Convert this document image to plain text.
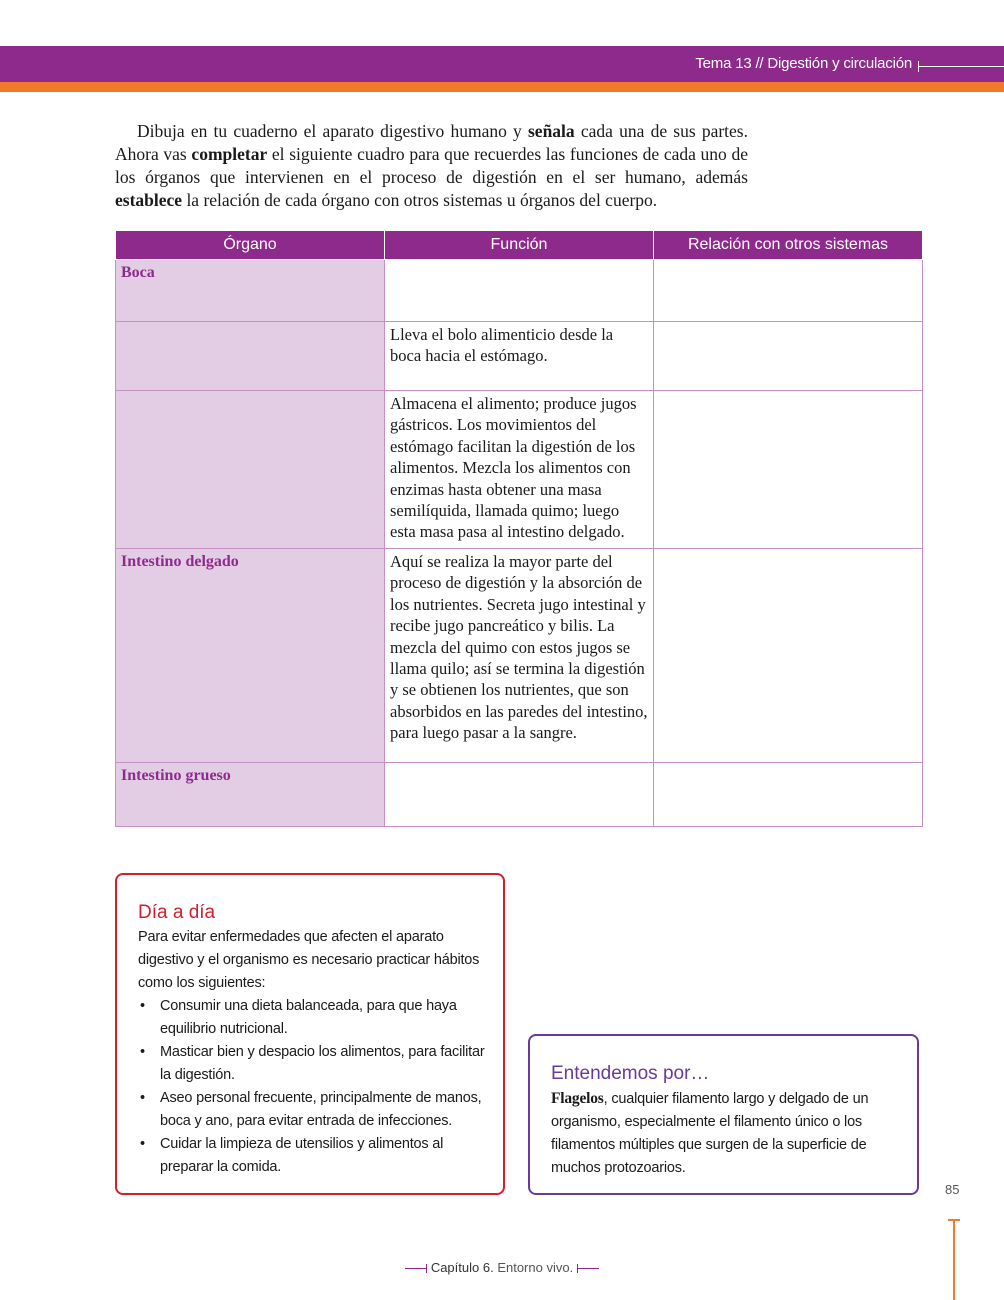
Tema 13 // Digestión y circulación

Dibuja en tu cuaderno el aparato digestivo humano y señala cada una de sus partes. Ahora vas completar el siguiente cuadro para que recuerdes las funciones de cada uno de los órganos que intervienen en el proceso de digestión en el ser humano, además establece la relación de cada órgano con otros sistemas u órganos del cuerpo.

Órgano	Función	Relación con otros sistemas
Boca		
	Lleva el bolo alimenticio desde la boca hacia el estómago.	
	Almacena el alimento; produce jugos gástricos. Los movimientos del estómago facilitan la digestión de los alimentos. Mezcla los alimentos con enzimas hasta obtener una masa semilíquida, llamada quimo; luego esta masa pasa al intestino delgado.	
Intestino delgado	Aquí se realiza la mayor parte del proceso de digestión y la absorción de los nutrientes. Secreta jugo intestinal y recibe jugo pancreático y bilis. La mezcla del quimo con estos jugos se llama quilo; así se termina la digestión y se obtienen los nutrientes, que son absorbidos en las paredes del intestino, para luego pasar a la sangre.	
Intestino grueso		
Día a día
Para evitar enfermedades que afecten el aparato digestivo y el organismo es necesario practicar hábitos como los siguientes:
• Consumir una dieta balanceada, para que haya equilibrio nutricional.
• Masticar bien y despacio los alimentos, para facilitar la digestión.
• Aseo personal frecuente, principalmente de manos, boca y ano, para evitar entrada de infecciones.
• Cuidar la limpieza de utensilios y alimentos al preparar la comida.
Entendemos por…
Flagelos, cualquier filamento largo y delgado de un organismo, especialmente el filamento único o los filamentos múltiples que surgen de la superficie de muchos protozoarios.
85
Capítulo 6. Entorno vivo.
